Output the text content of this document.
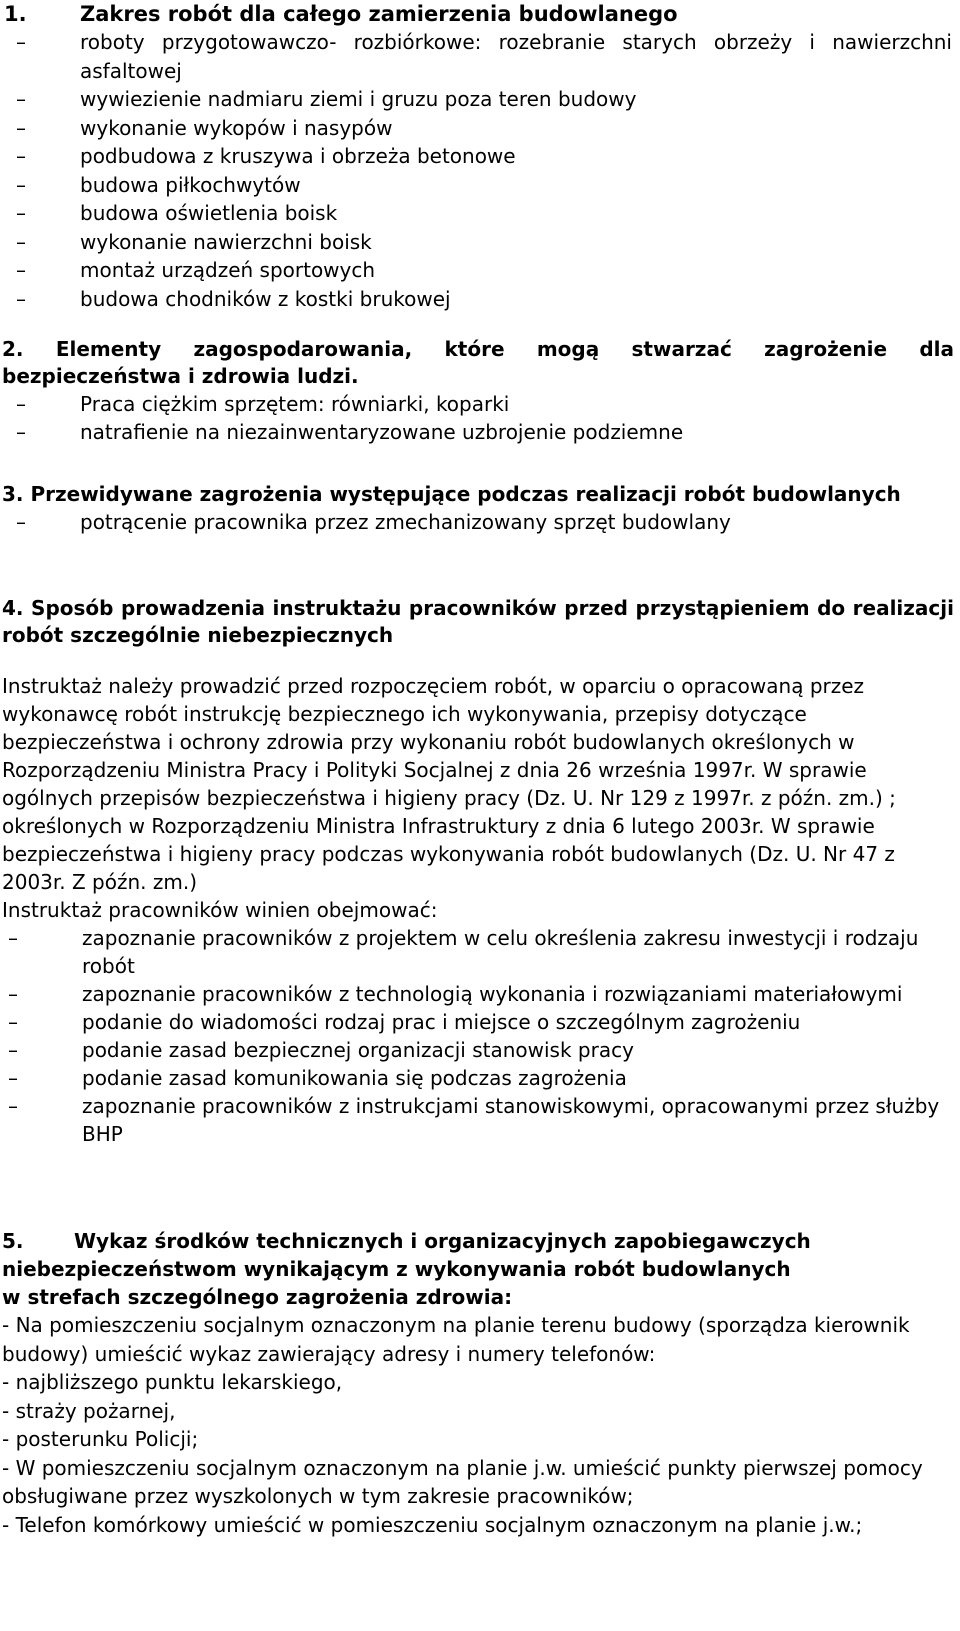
1.	Zakres robót dla całego zamierzenia budowlanego
–	roboty przygotowawczo- rozbiórkowe: rozebranie starych obrzeży i nawierzchni asfaltowej
–	wywiezienie nadmiaru ziemi i gruzu poza teren budowy
–	wykonanie wykopów i nasypów
–	podbudowa z kruszywa i obrzeża betonowe
–	budowa piłkochwytów
–	budowa oświetlenia boisk
–	wykonanie nawierzchni boisk
–	montaż urządzeń sportowych
–	budowa chodników z kostki brukowej
2. Elementy zagospodarowania, które mogą stwarzać zagrożenie dla bezpieczeństwa i zdrowia ludzi.
–	Praca ciężkim sprzętem: równiarki, koparki
–	natrafienie na niezainwentaryzowane uzbrojenie podziemne
3. Przewidywane zagrożenia występujące podczas realizacji robót budowlanych
–	potrącenie pracownika przez zmechanizowany sprzęt budowlany
4. Sposób prowadzenia instruktażu pracowników przed przystąpieniem do realizacji robót szczególnie niebezpiecznych

Instruktaż należy prowadzić przed rozpoczęciem robót, w oparciu o opracowaną przez wykonawcę robót instrukcję bezpiecznego ich wykonywania, przepisy dotyczące bezpieczeństwa i ochrony zdrowia przy wykonaniu robót budowlanych określonych w Rozporządzeniu Ministra Pracy i Polityki Socjalnej z dnia 26 września 1997r. W sprawie ogólnych przepisów bezpieczeństwa i higieny pracy (Dz. U. Nr 129 z 1997r. z późn. zm.) ; określonych w Rozporządzeniu Ministra Infrastruktury z dnia 6 lutego 2003r. W sprawie bezpieczeństwa i higieny pracy podczas wykonywania robót budowlanych (Dz. U. Nr 47 z 2003r. Z późn. zm.)

Instruktaż pracowników winien obejmować:

–	zapoznanie pracowników z projektem w celu określenia zakresu inwestycji i rodzaju robót
–	zapoznanie pracowników z technologią wykonania i rozwiązaniami materiałowymi
–	podanie do wiadomości rodzaj prac i miejsce o szczególnym zagrożeniu
–	podanie zasad bezpiecznej organizacji stanowisk pracy
–	podanie zasad komunikowania się podczas zagrożenia
–	zapoznanie pracowników z instrukcjami stanowiskowymi, opracowanymi przez służby BHP
5.	Wykaz środków technicznych i organizacyjnych zapobiegawczych
niebezpieczeństwom wynikającym z wykonywania robót budowlanych
w strefach szczególnego zagrożenia zdrowia:
- Na pomieszczeniu socjalnym oznaczonym na planie terenu budowy (sporządza kierownik budowy) umieścić wykaz zawierający adresy i numery telefonów:
- najbliższego punktu lekarskiego,
- straży pożarnej,
- posterunku Policji;
- W pomieszczeniu socjalnym oznaczonym na planie j.w. umieścić punkty pierwszej pomocy obsługiwane przez wyszkolonych w tym zakresie pracowników;
- Telefon komórkowy umieścić w pomieszczeniu socjalnym oznaczonym na planie j.w.;
